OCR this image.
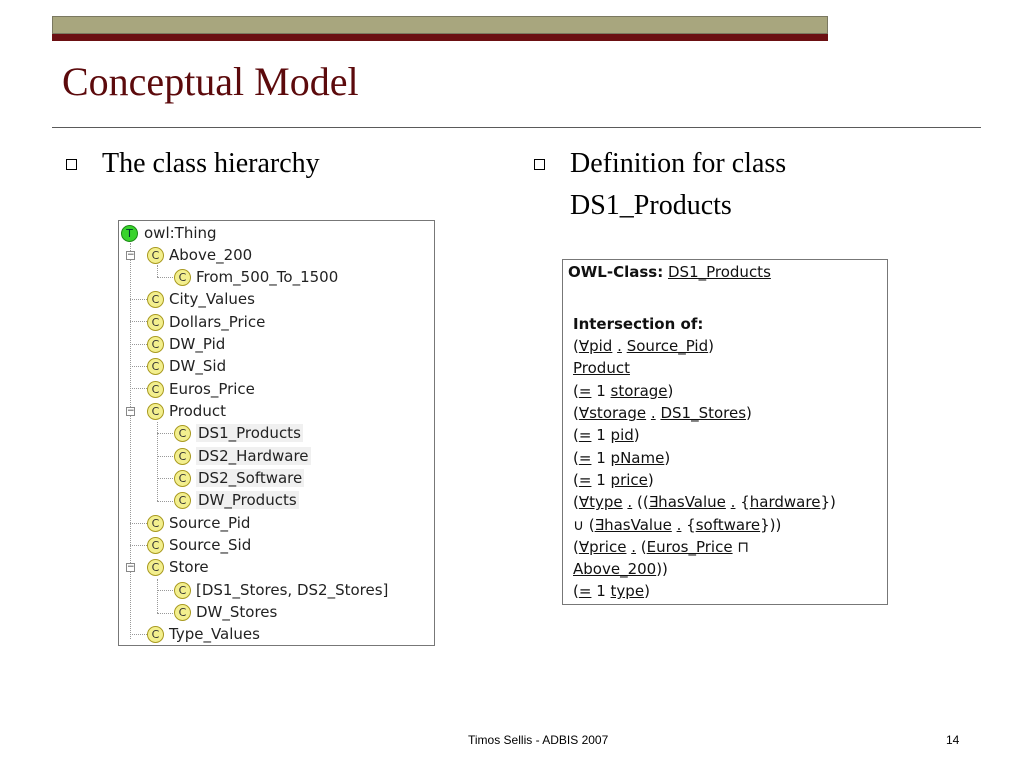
Conceptual Model
The class hierarchy	Definition for class
DS1_Products
−
−
−
T owl:Thing
C Above_200
C From_500_To_1500
C City_Values
C Dollars_Price
C DW_Pid
C DW_Sid
C Euros_Price
C Product
C DS1_Products
C DS2_Hardware
C DS2_Software
C DW_Products
C Source_Pid
C Source_Sid
C Store
C [DS1_Stores, DS2_Stores]
C DW_Stores
C Type_Values
OWL-Class: DS1_Products
Intersection of:
(∀pid . Source_Pid)
Product
(= 1 storage)
(∀storage . DS1_Stores)
(= 1 pid)
(= 1 pName)
(= 1 price)
(∀type . ((∃hasValue . {hardware})
∪ (∃hasValue . {software}))
(∀price . (Euros_Price ⊓
Above_200))
(= 1 type)
Timos Sellis - ADBIS 2007	14
